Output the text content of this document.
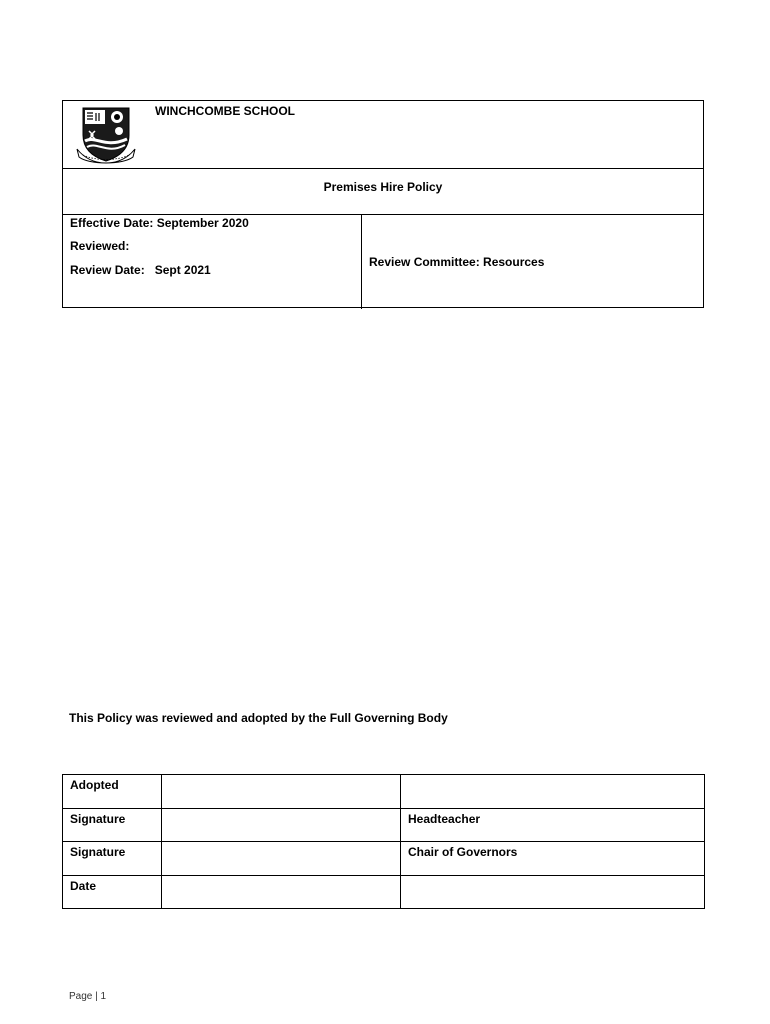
WINCHCOMBE SCHOOL
Premises Hire Policy
Effective Date: September 2020
Reviewed:
Review Date:   Sept 2021
Review Committee: Resources
This Policy was reviewed and adopted by the Full Governing Body
Adopted		
Signature		Headteacher
Signature		Chair of Governors
Date		
Page | 1
